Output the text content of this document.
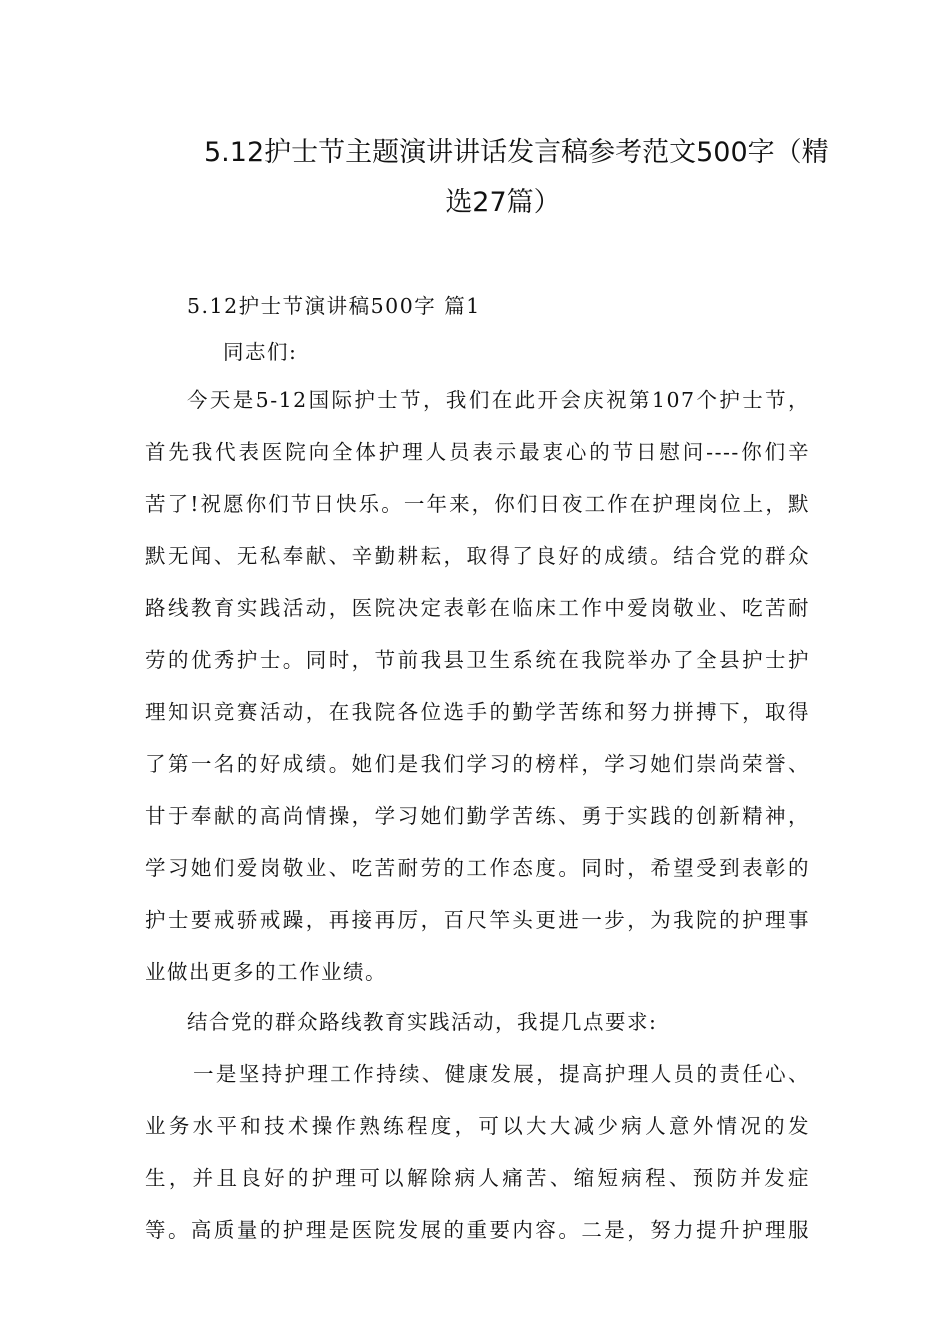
5.12护士节主题演讲讲话发言稿参考范文500字（精
选27篇）
5.12护士节演讲稿500字 篇1
同志们:
今天是5-12国际护士节，我们在此开会庆祝第107个护士节，
首先我代表医院向全体护理人员表示最衷心的节日慰问----你们辛
苦了!祝愿你们节日快乐。一年来，你们日夜工作在护理岗位上，默
默无闻、无私奉献、辛勤耕耘，取得了良好的成绩。结合党的群众
路线教育实践活动，医院决定表彰在临床工作中爱岗敬业、吃苦耐
劳的优秀护士。同时，节前我县卫生系统在我院举办了全县护士护
理知识竞赛活动，在我院各位选手的勤学苦练和努力拼搏下，取得
了第一名的好成绩。她们是我们学习的榜样，学习她们崇尚荣誉、
甘于奉献的高尚情操，学习她们勤学苦练、勇于实践的创新精神，
学习她们爱岗敬业、吃苦耐劳的工作态度。同时，希望受到表彰的
护士要戒骄戒躁，再接再厉，百尺竿头更进一步，为我院的护理事
业做出更多的工作业绩。
结合党的群众路线教育实践活动，我提几点要求:
一是坚持护理工作持续、健康发展，提高护理人员的责任心、
业务水平和技术操作熟练程度，可以大大减少病人意外情况的发
生，并且良好的护理可以解除病人痛苦、缩短病程、预防并发症
等。高质量的护理是医院发展的重要内容。二是，努力提升护理服
